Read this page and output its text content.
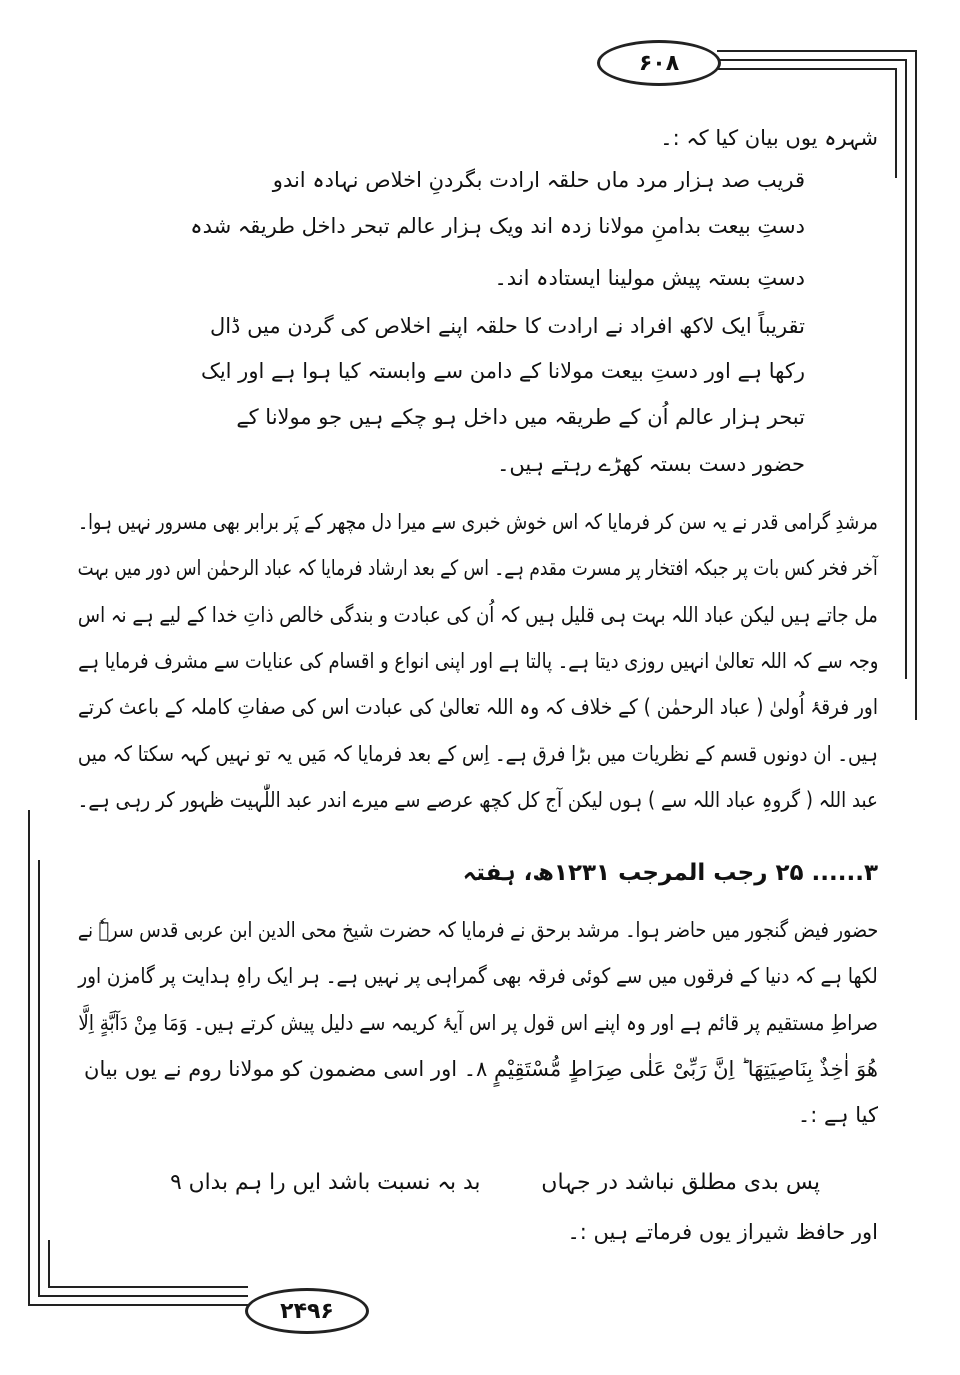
۶۰۸
۲۴۹۶
شہرہ یوں بیان کیا کہ :۔
قریب صد ہزار مرد ماں حلقہ ارادت بگردنِ اخلاص نہادہ اندو
دستِ بیعت بدامنِ مولانا زدہ اند ویک ہزار عالم تبحر داخل طریقہ شدہ
دستِ بستہ پیش مولینا ایستادہ اند۔
تقریباً ایک لاکھ افراد نے ارادت کا حلقہ اپنے اخلاص کی گردن میں ڈال
رکھا ہے اور دستِ بیعت مولانا کے دامن سے وابستہ کیا ہوا ہے اور ایک
تبحر ہزار عالم اُن کے طریقہ میں داخل ہو چکے ہیں جو مولانا کے
حضور دست بستہ کھڑے رہتے ہیں۔
مرشدِ گرامی قدر نے یہ سن کر فرمایا کہ اس خوش خبری سے میرا دل مچھر کے پَر برابر بھی مسرور نہیں ہوا۔
آخر فخر کس بات پر جبکہ افتخار پر مسرت مقدم ہے۔ اس کے بعد ارشاد فرمایا کہ عباد الرحمٰن اس دور میں بہت
مل جاتے ہیں لیکن عباد اللہ بہت ہی قلیل ہیں کہ اُن کی عبادت و بندگی خالص ذاتِ خدا کے لیے ہے نہ اس
وجہ سے کہ اللہ تعالیٰ انہیں روزی دیتا ہے۔ پالتا ہے اور اپنی انواع و اقسام کی عنایات سے مشرف فرمایا ہے
اور فرقۂ اُولیٰ ( عباد الرحمٰن ) کے خلاف کہ وہ اللہ تعالیٰ کی عبادت اس کی صفاتِ کاملہ کے باعث کرتے
ہیں۔ ان دونوں قسم کے نظریات میں بڑا فرق ہے۔ اِس کے بعد فرمایا کہ مَیں یہ تو نہیں کہہ سکتا کہ میں
عبد اللہ ( گروہِ عباد اللہ سے ) ہوں لیکن آج کل کچھ عرصے سے میرے اندر عبد اللّٰہیت ظہور کر رہی ہے۔
۳...... ۲۵ رجب المرجب ۱۲۳۱ھ، ہفتہ
حضور فیض گنجور میں حاضر ہوا۔ مرشد برحق نے فرمایا کہ حضرت شیخ محی الدین ابن عربی قدس سرہٗ نے
لکھا ہے کہ دنیا کے فرقوں میں سے کوئی فرقہ بھی گمراہی پر نہیں ہے۔ ہر ایک راہِ ہدایت پر گامزن اور
صراطِ مستقیم پر قائم ہے اور وہ اپنے اس قول پر اس آیۂ کریمہ سے دلیل پیش کرتے ہیں۔ وَمَا مِنْ دَآبَّةٍ اِلَّا
هُوَ اٰخِذٌ بِنَاصِيَتِهَا ؕ اِنَّ رَبِّىْ عَلٰى صِرَاطٍ مُّسْتَقِيْمٍ ۸۔ اور اسی مضمون کو مولانا روم نے یوں بیان
کیا ہے :۔
پس بدی مطلق نباشد در جہاں
بد بہ نسبت باشد ایں را ہم بداں ۹
اور حافظ شیراز یوں فرماتے ہیں :۔
